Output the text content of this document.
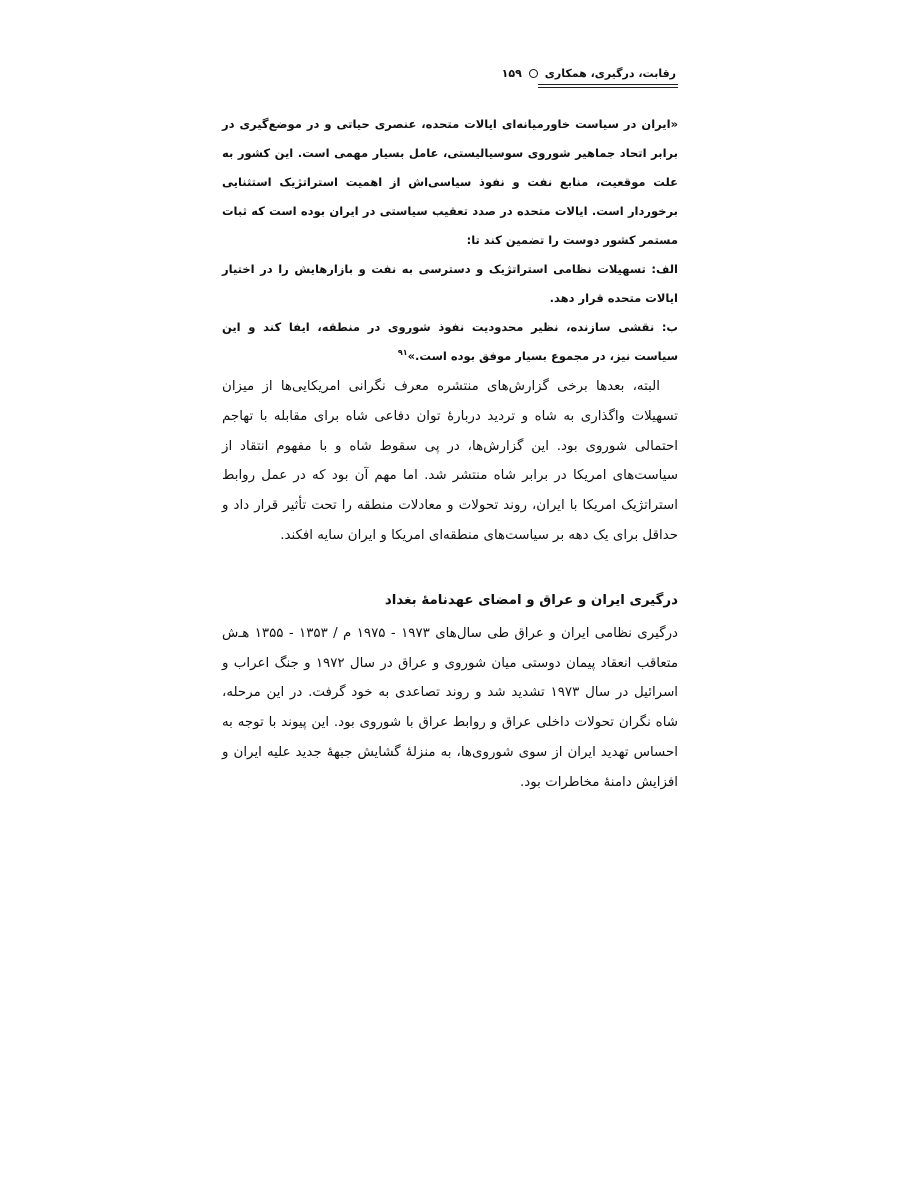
رقابت، درگیری، همکاری
۱۵۹

«ایران در سیاست خاورمیانه‌ای ایالات متحده، عنصری حیاتی و در موضع‌گیری در برابر اتحاد جماهیر شوروی سوسیالیستی، عامل بسیار مهمی است. این کشور به علت موقعیت، منابع نفت و نفوذ سیاسی‌اش از اهمیت استراتژیک استثنایی برخوردار است. ایالات متحده در صدد تعقیب سیاستی در ایران بوده است که ثبات مستمر کشور دوست را تضمین کند تا:

الف: تسهیلات نظامی استراتژیک و دسترسی به نفت و بازارهایش را در اختیار ایالات متحده قرار دهد.

ب: نقشی سازنده، نظیر محدودیت نفوذ شوروی در منطقه، ایفا کند و این سیاست نیز، در مجموع بسیار موفق بوده است.»$^{۹۱}$

البته، بعدها برخی گزارش‌های منتشره معرف نگرانی امریکایی‌ها از میزان تسهیلات واگذاری به شاه و تردید دربارهٔ توان دفاعی شاه برای مقابله با تهاجم احتمالی شوروی بود. این گزارش‌ها، در پی سقوط شاه و با مفهوم انتقاد از سیاست‌های امریکا در برابر شاه منتشر شد. اما مهم آن بود که در عمل روابط استراتژیک امریکا با ایران، روند تحولات و معادلات منطقه را تحت تأثیر قرار داد و حداقل برای یک دهه بر سیاست‌های منطقه‌ای امریکا و ایران سایه افکند.

درگیری ایران و عراق و امضای عهدنامهٔ بغداد

درگیری نظامی ایران و عراق طی سال‌های ۱۹۷۳ - ۱۹۷۵ م / ۱۳۵۳ - ۱۳۵۵ هـ‌ش متعاقب انعقاد پیمان دوستی میان شوروی و عراق در سال ۱۹۷۲ و جنگ اعراب و اسرائیل در سال ۱۹۷۳ تشدید شد و روند تصاعدی به خود گرفت. در این مرحله، شاه نگران تحولات داخلی عراق و روابط عراق با شوروی بود. این پیوند با توجه به احساس تهدید ایران از سوی شوروی‌ها، به منزلهٔ گشایش جبههٔ جدید علیه ایران و افزایش دامنهٔ مخاطرات بود.
